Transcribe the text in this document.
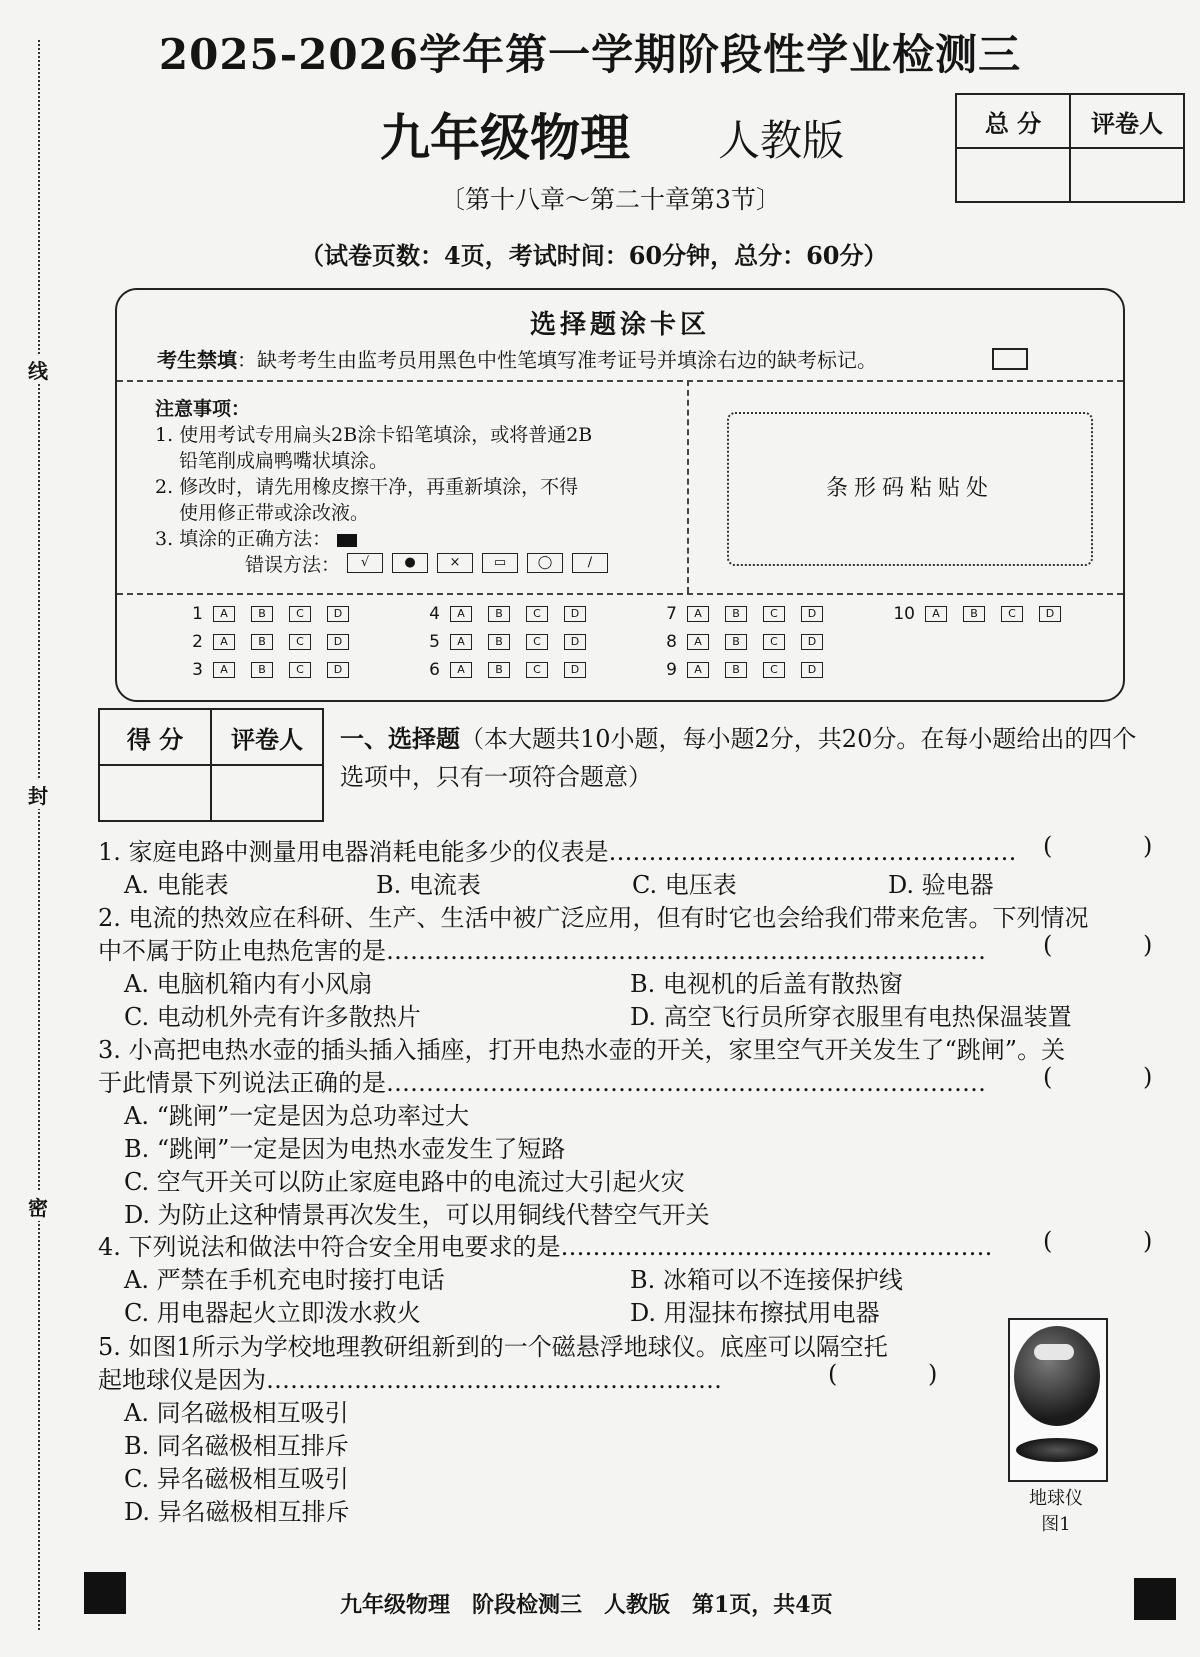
线
封
密
2025-2026学年第一学期阶段性学业检测三
九年级物理 人教版
〔第十八章～第二十章第3节〕
（试卷页数：4页，考试时间：60分钟，总分：60分）
总 分	评卷人

选择题涂卡区
考生禁填：缺考考生由监考员用黑色中性笔填写准考证号并填涂右边的缺考标记。
注意事项：
1. 使用考试专用扁头2B涂卡铅笔填涂，或将普通2B
铅笔削成扁鸭嘴状填涂。
2. 修改时，请先用橡皮擦干净，再重新填涂，不得
使用修正带或涂改液。
3. 填涂的正确方法：
错误方法：	√	●	×	▭ ◯	∕
条形码粘贴处
1 A	B	C	D
2 A	B	C	D
3 A	B	C	D
4 A	B	C	D
5 A	B	C	D
6 A	B	C	D
7 A	B	C	D
8 A	B	C	D
9 A	B	C	D
10 A	B	C	D
得 分	评卷人
	一、选择题（本大题共10小题，每小题2分，共20分。在每小题给出的四个
选项中，只有一项符合题意）
1. 家庭电路中测量用电器消耗电能多少的仪表是…………………………………………… (	)
A. 电能表	B. 电流表	C. 电压表	D. 验电器
2. 电流的热效应在科研、生产、生活中被广泛应用，但有时它也会给我们带来危害。下列情况
中不属于防止电热危害的是………………………………………………………………… (	)
A. 电脑机箱内有小风扇	B. 电视机的后盖有散热窗
C. 电动机外壳有许多散热片	D. 高空飞行员所穿衣服里有电热保温装置
3. 小高把电热水壶的插头插入插座，打开电热水壶的开关，家里空气开关发生了“跳闸”。关
于此情景下列说法正确的是………………………………………………………………… (	)
A. “跳闸”一定是因为总功率过大
B. “跳闸”一定是因为电热水壶发生了短路
C. 空气开关可以防止家庭电路中的电流过大引起火灾
D. 为防止这种情景再次发生，可以用铜线代替空气开关
4. 下列说法和做法中符合安全用电要求的是……………………………………………… (	)
A. 严禁在手机充电时接打电话	B. 冰箱可以不连接保护线
C. 用电器起火立即泼水救火	D. 用湿抹布擦拭用电器
5. 如图1所示为学校地理教研组新到的一个磁悬浮地球仪。底座可以隔空托
起地球仪是因为…………………………………………………	(	)
A. 同名磁极相互吸引
B. 同名磁极相互排斥
C. 异名磁极相互吸引
D. 异名磁极相互排斥	地球仪
图1
九年级物理　阶段检测三　人教版　第1页，共4页
